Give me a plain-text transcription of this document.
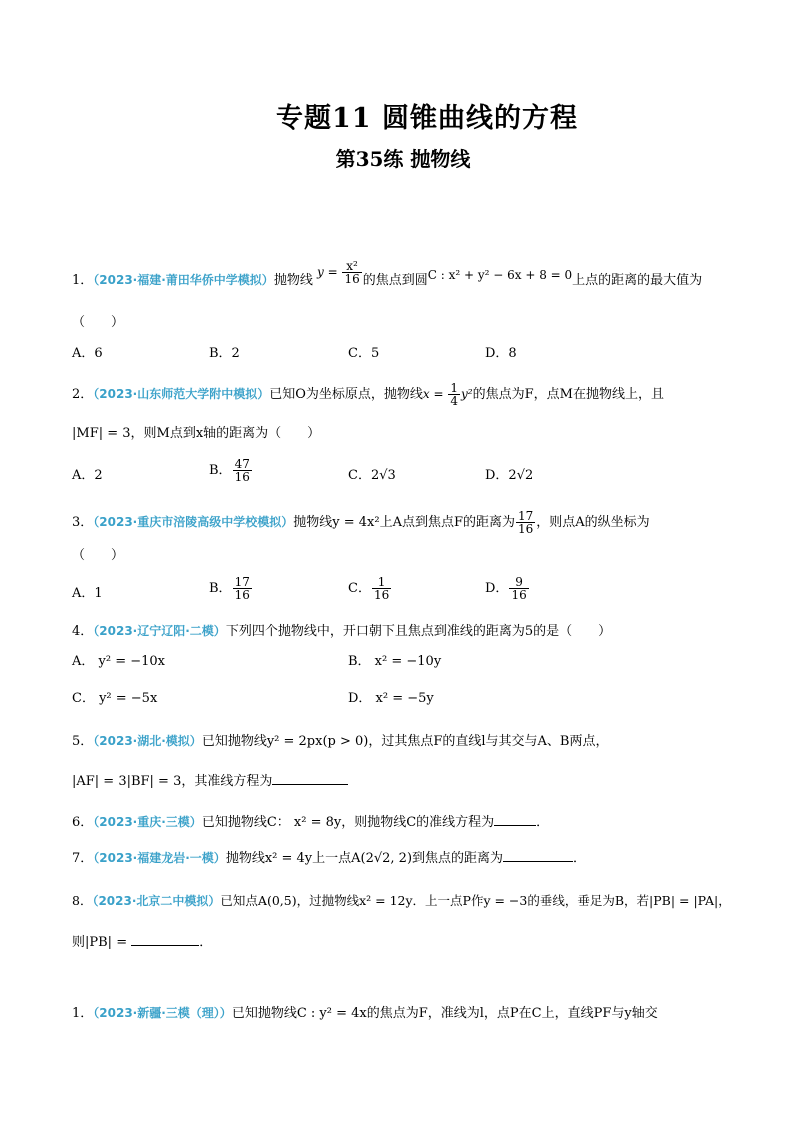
专题11 圆锥曲线的方程
第35练 抛物线
1．（2023·福建·莆田华侨中学模拟）抛物线 $y = \frac{\text{x²}}{16}$ 的焦点到圆C : x² + y² − 6x + 8 = 0上点的距离的最大值为
（　　）
A．6	B．2	C．5	D．8
2．（2023·山东师范大学附中模拟）已知O为坐标原点，抛物线$x = \frac{1}{4} y^2$的焦点为F，点M在抛物线上，且
|MF| = 3，则M点到x轴的距离为（　　）
A．2	B． $\frac{47}{16}$	C．2√3	D．2√2
3．（2023·重庆市涪陵高级中学校模拟）抛物线y = 4x²上A点到焦点F的距离为 $\frac{17}{16}$ ，则点A的纵坐标为
（　　）
A．1	B． $\frac{17}{16}$	C． $\frac{1}{16}$	D． $\frac{9}{16}$
4．（2023·辽宁辽阳·二模）下列四个抛物线中，开口朝下且焦点到准线的距离为5的是（　　）
A． y² = −10x	B． x² = −10y
C． y² = −5x	D． x² = −5y
5．（2023·湖北·模拟）已知抛物线y² = 2px(p > 0)，过其焦点F的直线l与其交与A、B两点，
|AF| = 3|BF| = 3，其准线方程为
6．（2023·重庆·三模）已知抛物线C： x² = 8y，则抛物线C的准线方程为	．
7．（2023·福建龙岩·一模）抛物线x² = 4y上一点A(2√2, 2)到焦点的距离为	．
8．（2023·北京二中模拟）已知点A(0,5)，过抛物线x² = 12y．上一点P作y = −3的垂线，垂足为B，若|PB| = |PA|，
则|PB| =	．
1．（2023·新疆·三模（理））已知抛物线C : y² = 4x的焦点为F，准线为l，点P在C上，直线PF与y轴交
